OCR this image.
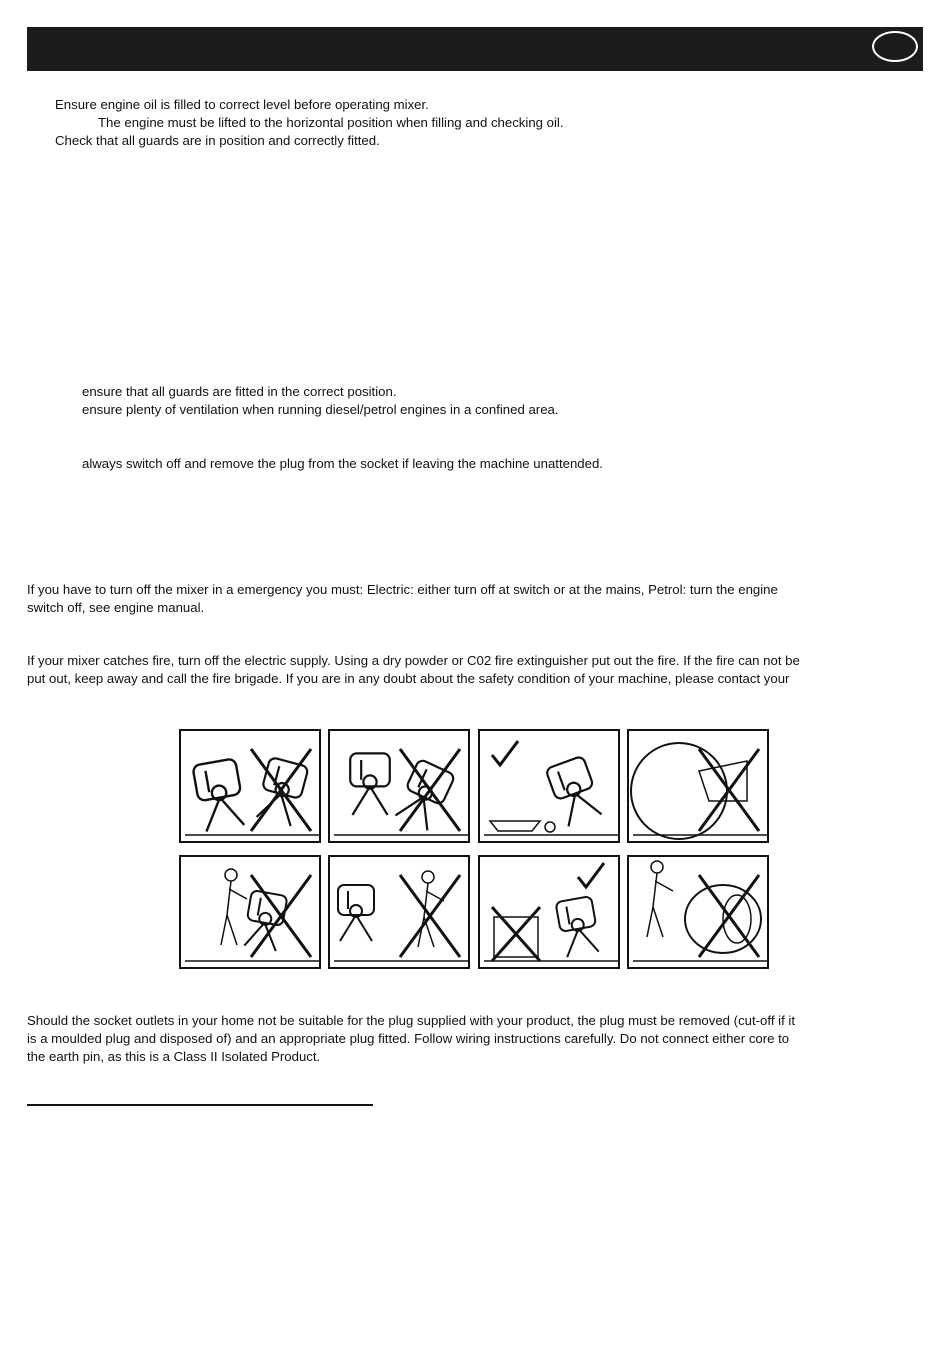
Ensure engine oil is filled to correct level before operating mixer.
The engine must be lifted to the horizontal position when filling and checking oil.
Check that all guards are in position and correctly fitted.
ensure that all guards are fitted in the correct position.
ensure plenty of ventilation when running diesel/petrol engines in a confined area.
always switch off and remove the plug from the socket if leaving the machine unattended.
If you have to turn off the mixer in a emergency you must: Electric: either turn off at switch or at the mains, Petrol: turn the engine
switch off, see engine manual.
If your mixer catches fire, turn off the electric supply. Using a dry powder or C02 fire extinguisher put out the fire. If the fire can not be
put out, keep away and call the fire brigade. If you are in any doubt about the safety condition of your machine, please contact your
Should the socket outlets in your home not be suitable for the plug supplied with your product, the plug must be removed (cut-off if it
is a moulded plug and disposed of) and an appropriate plug fitted. Follow wiring instructions carefully. Do not connect either core to
the earth pin, as this is a Class II Isolated Product.
